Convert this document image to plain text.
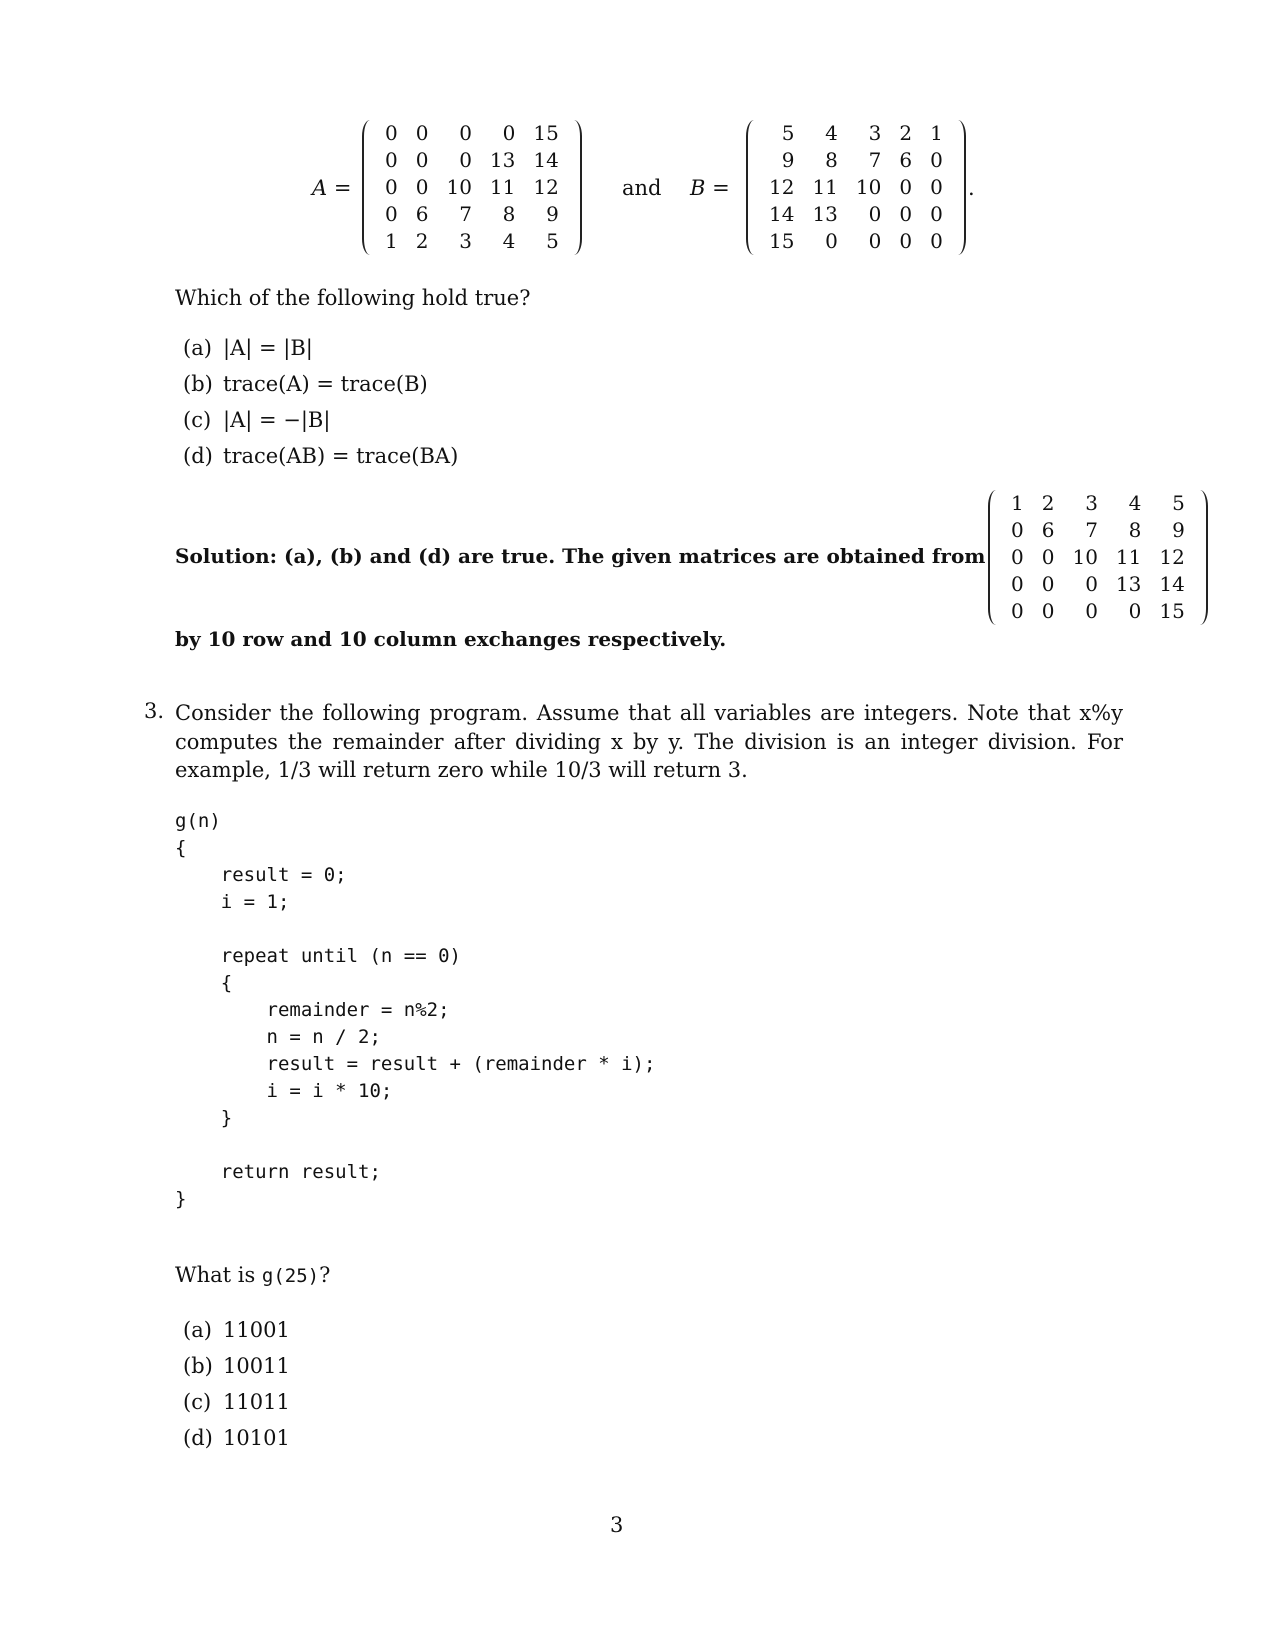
A =
0	0	0	0	15
0	0	0	13	14
0	0	10	11	12
0	6	7	8	9
1	2	3	4	5
and B =
5	4	3	2	1
9	8	7	6	0
12	11	10	0	0
14	13	0	0	0
15	0	0	0	0
.
Which of the following hold true?
(a) |A| = |B|
(b) trace(A) = trace(B)
(c) |A| = −|B|
(d) trace(AB) = trace(BA)
Solution: (a), (b) and (d) are true. The given matrices are obtained from
1	2	3	4	5
0	6	7	8	9
0	0	10	11	12
0	0	0	13	14
0	0	0	0	15
by 10 row and 10 column exchanges respectively.
3. Consider the following program. Assume that all variables are integers. Note that x%y computes the remainder after dividing x by y. The division is an integer division. For example, 1/3 will return zero while 10/3 will return 3.
g(n)
{
result = 0;
i = 1;

repeat until (n == 0)
{
remainder = n%2;
n = n / 2;
result = result + (remainder * i);
i = i * 10;
}

return result;
}
What is g(25)?
(a) 11001
(b) 10011
(c) 11011
(d) 10101
3
